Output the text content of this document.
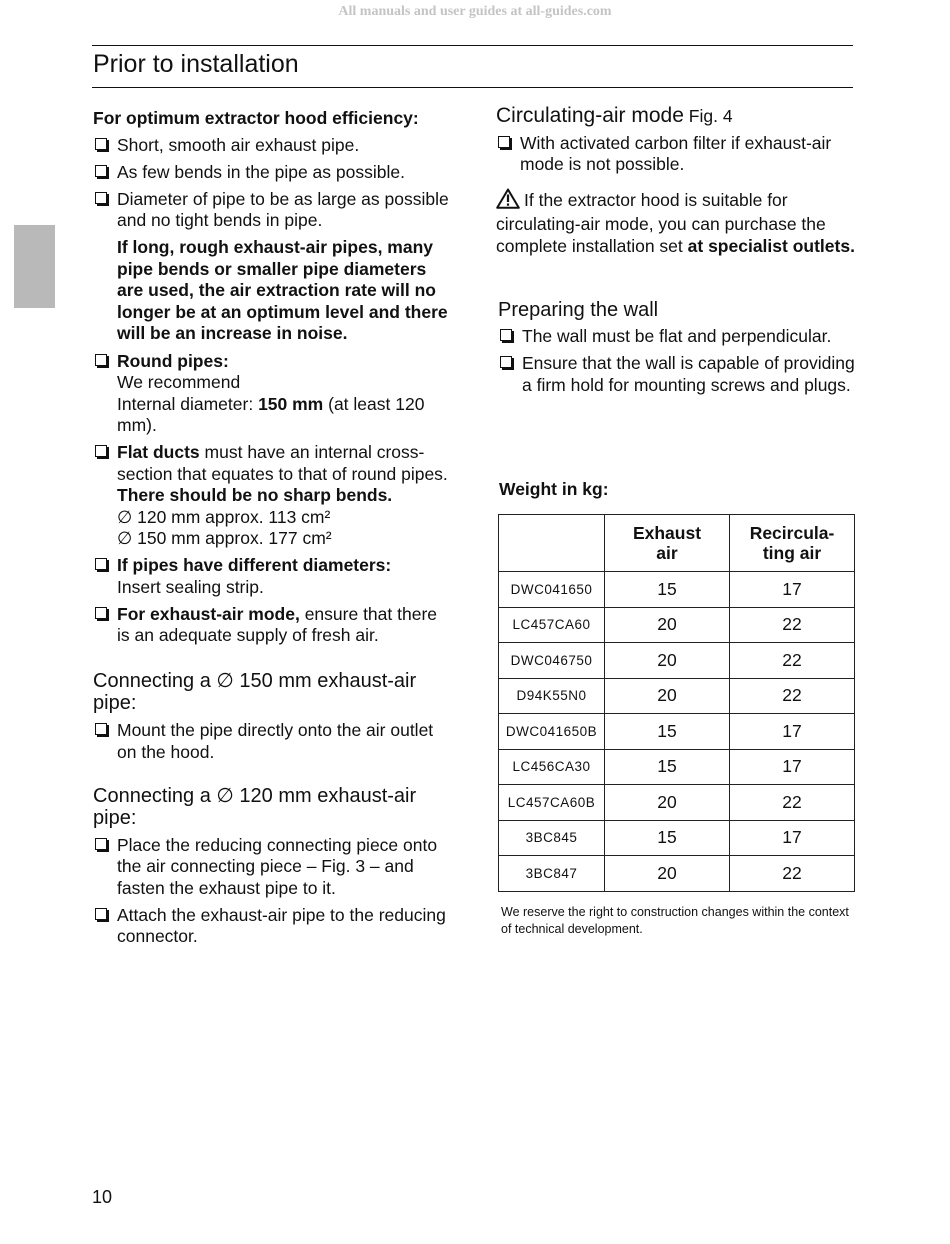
All manuals and user guides at all-guides.com
Prior to installation
For optimum extractor hood efficiency:
Short, smooth air exhaust pipe.
As few bends in the pipe as possible.
Diameter of pipe to be as large as possible and no tight bends in pipe.
If long, rough exhaust-air pipes, many pipe bends or smaller pipe diameters are used, the air extraction rate will no longer be at an optimum level and there will be an increase in noise.
Round pipes:
We recommend
Internal diameter: 150 mm (at least 120 mm).
Flat ducts must have an internal cross-section that equates to that of round pipes.
There should be no sharp bends.
∅ 120 mm approx. 113 cm²
∅ 150 mm approx. 177 cm²
If pipes have different diameters:
Insert sealing strip.
For exhaust-air mode, ensure that there is an adequate supply of fresh air.
Connecting a ∅ 150 mm exhaust-air pipe:
Mount the pipe directly onto the air outlet on the hood.
Connecting a ∅ 120 mm exhaust-air pipe:
Place the reducing connecting piece onto the air connecting piece – Fig. 3 – and fasten the exhaust pipe to it.
Attach the exhaust-air pipe to the reducing connector.
Circulating-air mode Fig. 4
With activated carbon filter if exhaust-air mode is not possible.
If the extractor hood is suitable for circulating-air mode, you can purchase the complete installation set at specialist outlets.
Preparing the wall
The wall must be flat and perpendicular.
Ensure that the wall is capable of providing a firm hold for mounting screws and plugs.
Weight in kg:
	Exhaust air	Recircula-ting air
DWC041650	15	17
LC457CA60	20	22
DWC046750	20	22
D94K55N0	20	22
DWC041650B	15	17
LC456CA30	15	17
LC457CA60B	20	22
3BC845	15	17
3BC847	20	22
We reserve the right to construction changes within the context of technical development.
10
